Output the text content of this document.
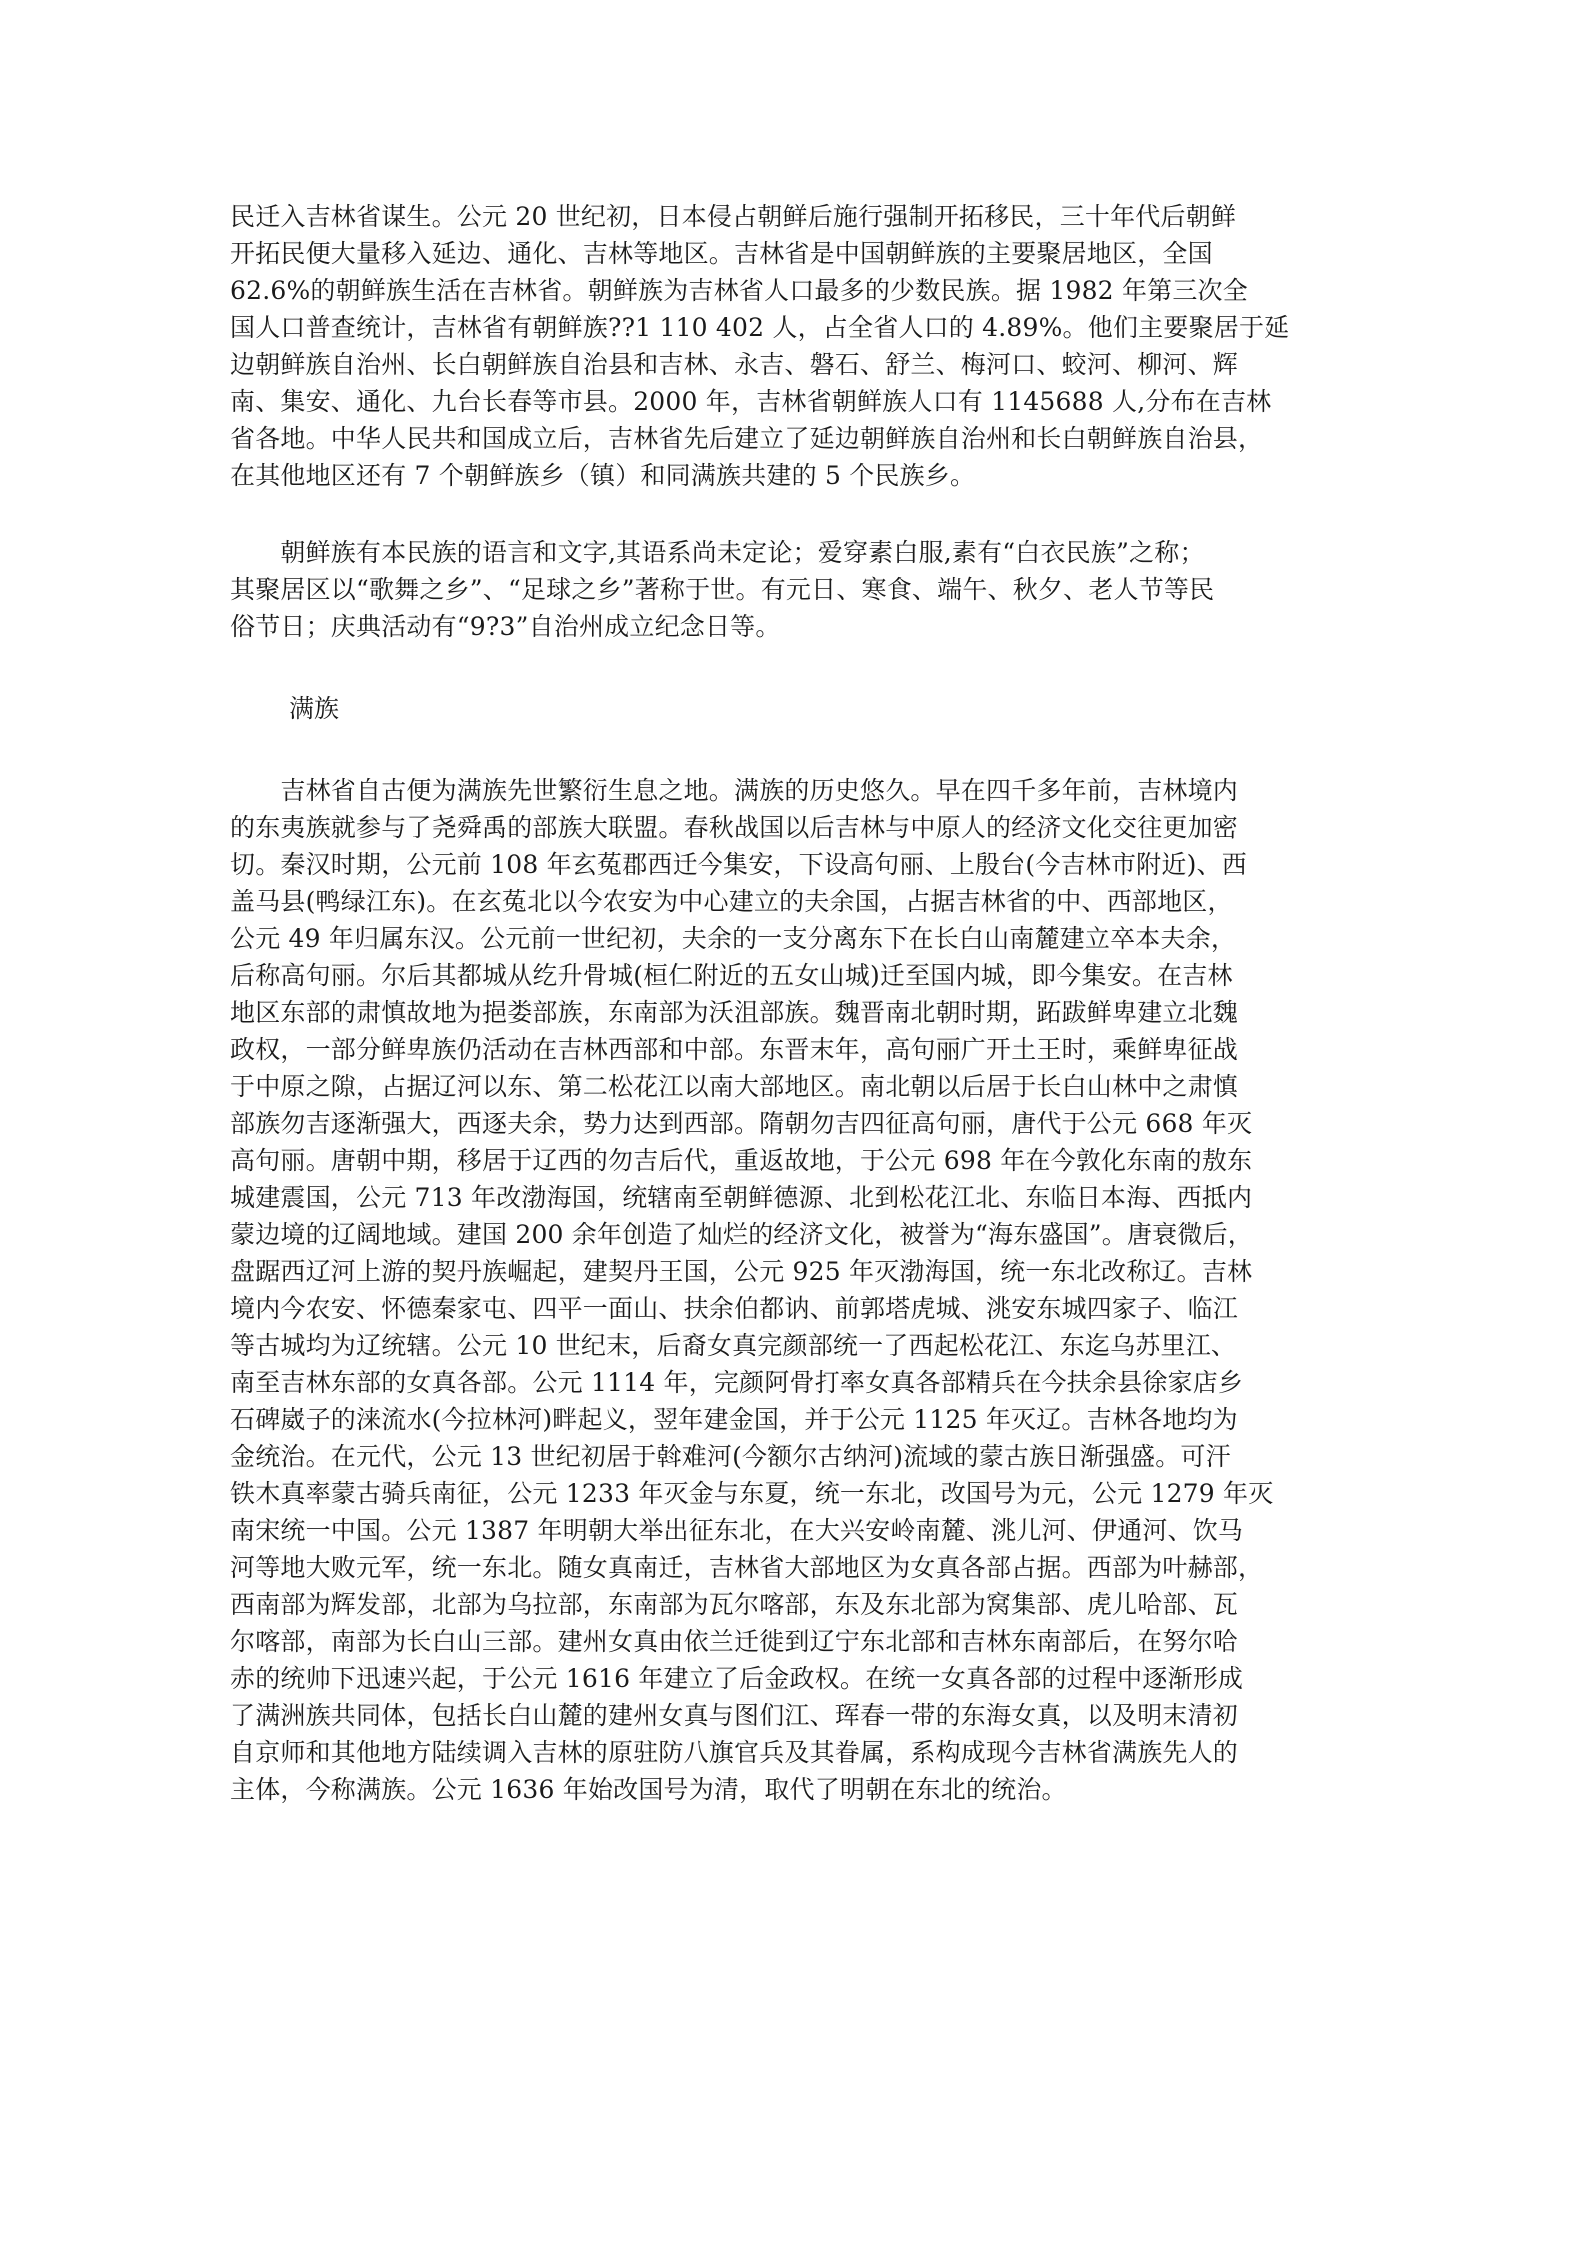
民迁入吉林省谋生。公元 20 世纪初，日本侵占朝鲜后施行强制开拓移民，三十年代后朝鲜
开拓民便大量移入延边、通化、吉林等地区。吉林省是中国朝鲜族的主要聚居地区，全国
62.6%的朝鲜族生活在吉林省。朝鲜族为吉林省人口最多的少数民族。据 1982 年第三次全
国人口普查统计，吉林省有朝鲜族??1 110 402 人，占全省人口的 4.89%。他们主要聚居于延
边朝鲜族自治州、长白朝鲜族自治县和吉林、永吉、磐石、舒兰、梅河口、蛟河、柳河、辉
南、集安、通化、九台长春等市县。2000 年，吉林省朝鲜族人口有 1145688 人,分布在吉林
省各地。中华人民共和国成立后，吉林省先后建立了延边朝鲜族自治州和长白朝鲜族自治县，
在其他地区还有 7 个朝鲜族乡（镇）和同满族共建的 5 个民族乡。
　　朝鲜族有本民族的语言和文字,其语系尚未定论；爱穿素白服,素有“白衣民族”之称；
其聚居区以“歌舞之乡”、“足球之乡”著称于世。有元日、寒食、端午、秋夕、老人节等民
俗节日；庆典活动有“9?3”自治州成立纪念日等。
满族
　　吉林省自古便为满族先世繁衍生息之地。满族的历史悠久。早在四千多年前，吉林境内
的东夷族就参与了尧舜禹的部族大联盟。春秋战国以后吉林与中原人的经济文化交往更加密
切。秦汉时期，公元前 108 年玄菟郡西迁今集安，下设高句丽、上殷台(今吉林市附近)、西
盖马县(鸭绿江东)。在玄菟北以今农安为中心建立的夫余国，占据吉林省的中、西部地区，
公元 49 年归属东汉。公元前一世纪初，夫余的一支分离东下在长白山南麓建立卒本夫余，
后称高句丽。尔后其都城从纥升骨城(桓仁附近的五女山城)迁至国内城，即今集安。在吉林
地区东部的肃慎故地为挹娄部族，东南部为沃沮部族。魏晋南北朝时期，跖跋鲜卑建立北魏
政权，一部分鲜卑族仍活动在吉林西部和中部。东晋末年，高句丽广开土王时，乘鲜卑征战
于中原之隙，占据辽河以东、第二松花江以南大部地区。南北朝以后居于长白山林中之肃慎
部族勿吉逐渐强大，西逐夫余，势力达到西部。隋朝勿吉四征高句丽，唐代于公元 668 年灭
高句丽。唐朝中期，移居于辽西的勿吉后代，重返故地，于公元 698 年在今敦化东南的敖东
城建震国，公元 713 年改渤海国，统辖南至朝鲜德源、北到松花江北、东临日本海、西抵内
蒙边境的辽阔地域。建国 200 余年创造了灿烂的经济文化，被誉为“海东盛国”。唐衰微后，
盘踞西辽河上游的契丹族崛起，建契丹王国，公元 925 年灭渤海国，统一东北改称辽。吉林
境内今农安、怀德秦家屯、四平一面山、扶余伯都讷、前郭塔虎城、洮安东城四家子、临江
等古城均为辽统辖。公元 10 世纪末，后裔女真完颜部统一了西起松花江、东迄乌苏里江、
南至吉林东部的女真各部。公元 1114 年，完颜阿骨打率女真各部精兵在今扶余县徐家店乡
石碑崴子的涞流水(今拉林河)畔起义，翌年建金国，并于公元 1125 年灭辽。吉林各地均为
金统治。在元代，公元 13 世纪初居于斡难河(今额尔古纳河)流域的蒙古族日渐强盛。可汗
铁木真率蒙古骑兵南征，公元 1233 年灭金与东夏，统一东北，改国号为元，公元 1279 年灭
南宋统一中国。公元 1387 年明朝大举出征东北，在大兴安岭南麓、洮儿河、伊通河、饮马
河等地大败元军，统一东北。随女真南迁，吉林省大部地区为女真各部占据。西部为叶赫部，
西南部为辉发部，北部为乌拉部，东南部为瓦尔喀部，东及东北部为窝集部、虎儿哈部、瓦
尔喀部，南部为长白山三部。建州女真由依兰迁徙到辽宁东北部和吉林东南部后，在努尔哈
赤的统帅下迅速兴起，于公元 1616 年建立了后金政权。在统一女真各部的过程中逐渐形成
了满洲族共同体，包括长白山麓的建州女真与图们江、珲春一带的东海女真，以及明末清初
自京师和其他地方陆续调入吉林的原驻防八旗官兵及其眷属，系构成现今吉林省满族先人的
主体，今称满族。公元 1636 年始改国号为清，取代了明朝在东北的统治。
